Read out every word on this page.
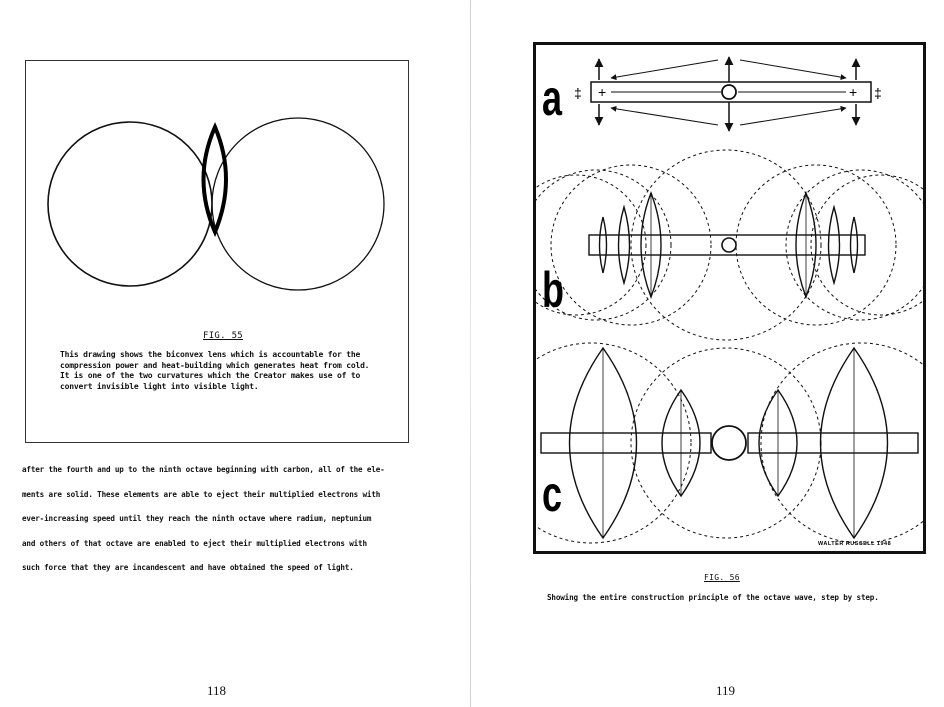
FIG. 55
This drawing shows the biconvex lens which is accountable for the
compression power and heat-building which generates heat from cold.
It is one of the two curvatures which the Creator makes use of to
convert invisible light into visible light.
after the fourth and up to the ninth octave beginning with carbon, all of the ele-
ments are solid. These elements are able to eject their multiplied electrons with
ever-increasing speed until they reach the ninth octave where radium, neptunium
and others of that octave are enabled to eject their multiplied electrons with
such force that they are incandescent and have obtained the speed of light.
118
+	+
‡	‡
a
b
c
WALTER RUSSELL 1948
FIG. 56
Showing the entire construction principle of the octave wave, step by step.
119
